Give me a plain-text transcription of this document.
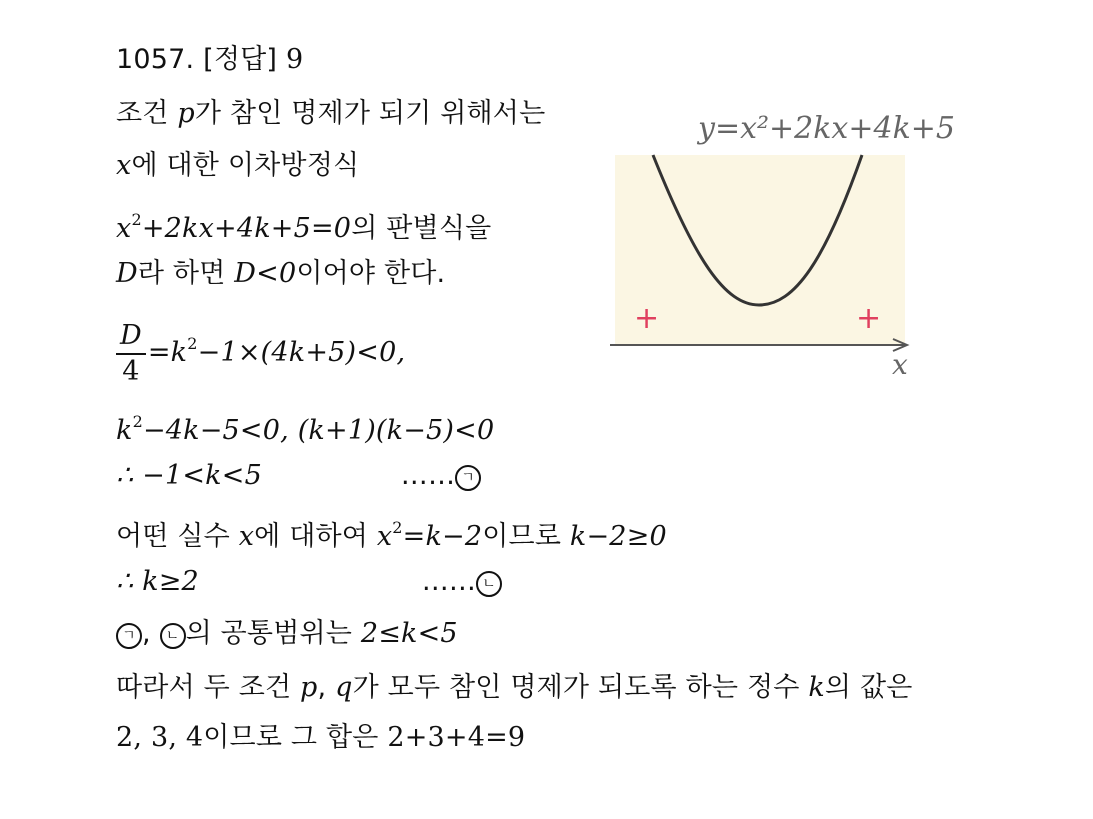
1057. [정답] 9
조건 p가 참인 명제가 되기 위해서는
x에 대한 이차방정식
$x^2+2kx+4k+5=0$의 판별식을
D라 하면 D<0이어야 한다.
$\frac{D}{4} =k^2-1\times(4k+5)<0$,
$k^2-4k-5<0$, (k+1)(k−5)<0
∴ −1<k<5	…… ㄱ
어떤 실수 x에 대하여 $x^2=k-2$이므로 k−2≥0
∴ k≥2	…… ㄴ
ㄱ , ㄴ 의 공통범위는 2≤k<5
따라서 두 조건 p, q가 모두 참인 명제가 되도록 하는 정수 k의 값은
2, 3, 4이므로 그 합은 2+3+4=9
y=x²+2kx+4k+5
x
+	+
